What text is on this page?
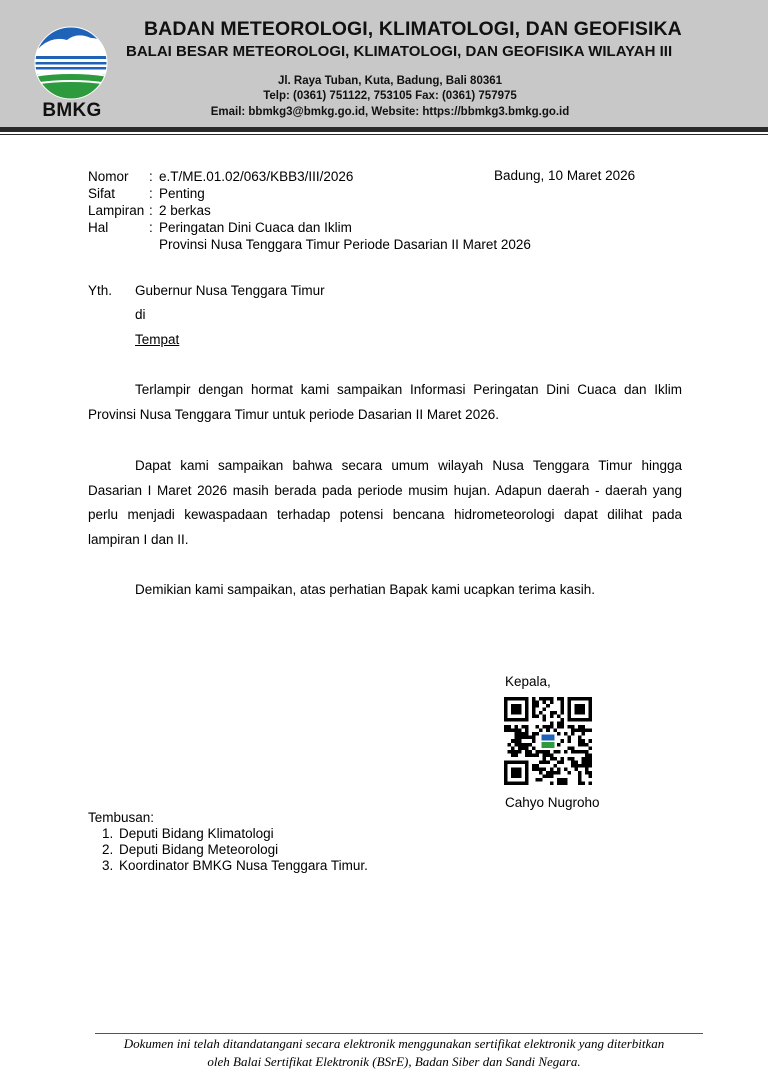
BMKG
BADAN METEOROLOGI, KLIMATOLOGI, DAN GEOFISIKA
BALAI BESAR METEOROLOGI, KLIMATOLOGI, DAN GEOFISIKA WILAYAH III
Jl. Raya Tuban, Kuta, Badung, Bali 80361
Telp: (0361) 751122, 753105 Fax: (0361) 757975
Email: bbmkg3@bmkg.go.id, Website: https://bbmkg3.bmkg.go.id
Nomor	: e.T/ME.01.02/063/KBB3/III/2026
Sifat	: Penting
Lampiran : 2 berkas
Hal	: Peringatan Dini Cuaca dan Iklim
Provinsi Nusa Tenggara Timur Periode Dasarian II Maret 2026
Badung, 10 Maret 2026
Yth. Gubernur Nusa Tenggara Timur
di
Tempat

Terlampir dengan hormat kami sampaikan Informasi Peringatan Dini Cuaca dan Iklim Provinsi Nusa Tenggara Timur untuk periode Dasarian II Maret 2026.

Dapat kami sampaikan bahwa secara umum wilayah Nusa Tenggara Timur hingga Dasarian I Maret 2026 masih berada pada periode musim hujan. Adapun daerah - daerah yang perlu menjadi kewaspadaan terhadap potensi bencana hidrometeorologi dapat dilihat pada lampiran I dan II.

Demikian kami sampaikan, atas perhatian Bapak kami ucapkan terima kasih.

Kepala,
Cahyo Nugroho
Tembusan:
1. Deputi Bidang Klimatologi
2. Deputi Bidang Meteorologi
3. Koordinator BMKG Nusa Tenggara Timur.
Dokumen ini telah ditandatangani secara elektronik menggunakan sertifikat elektronik yang diterbitkan
oleh Balai Sertifikat Elektronik (BSrE), Badan Siber dan Sandi Negara.
